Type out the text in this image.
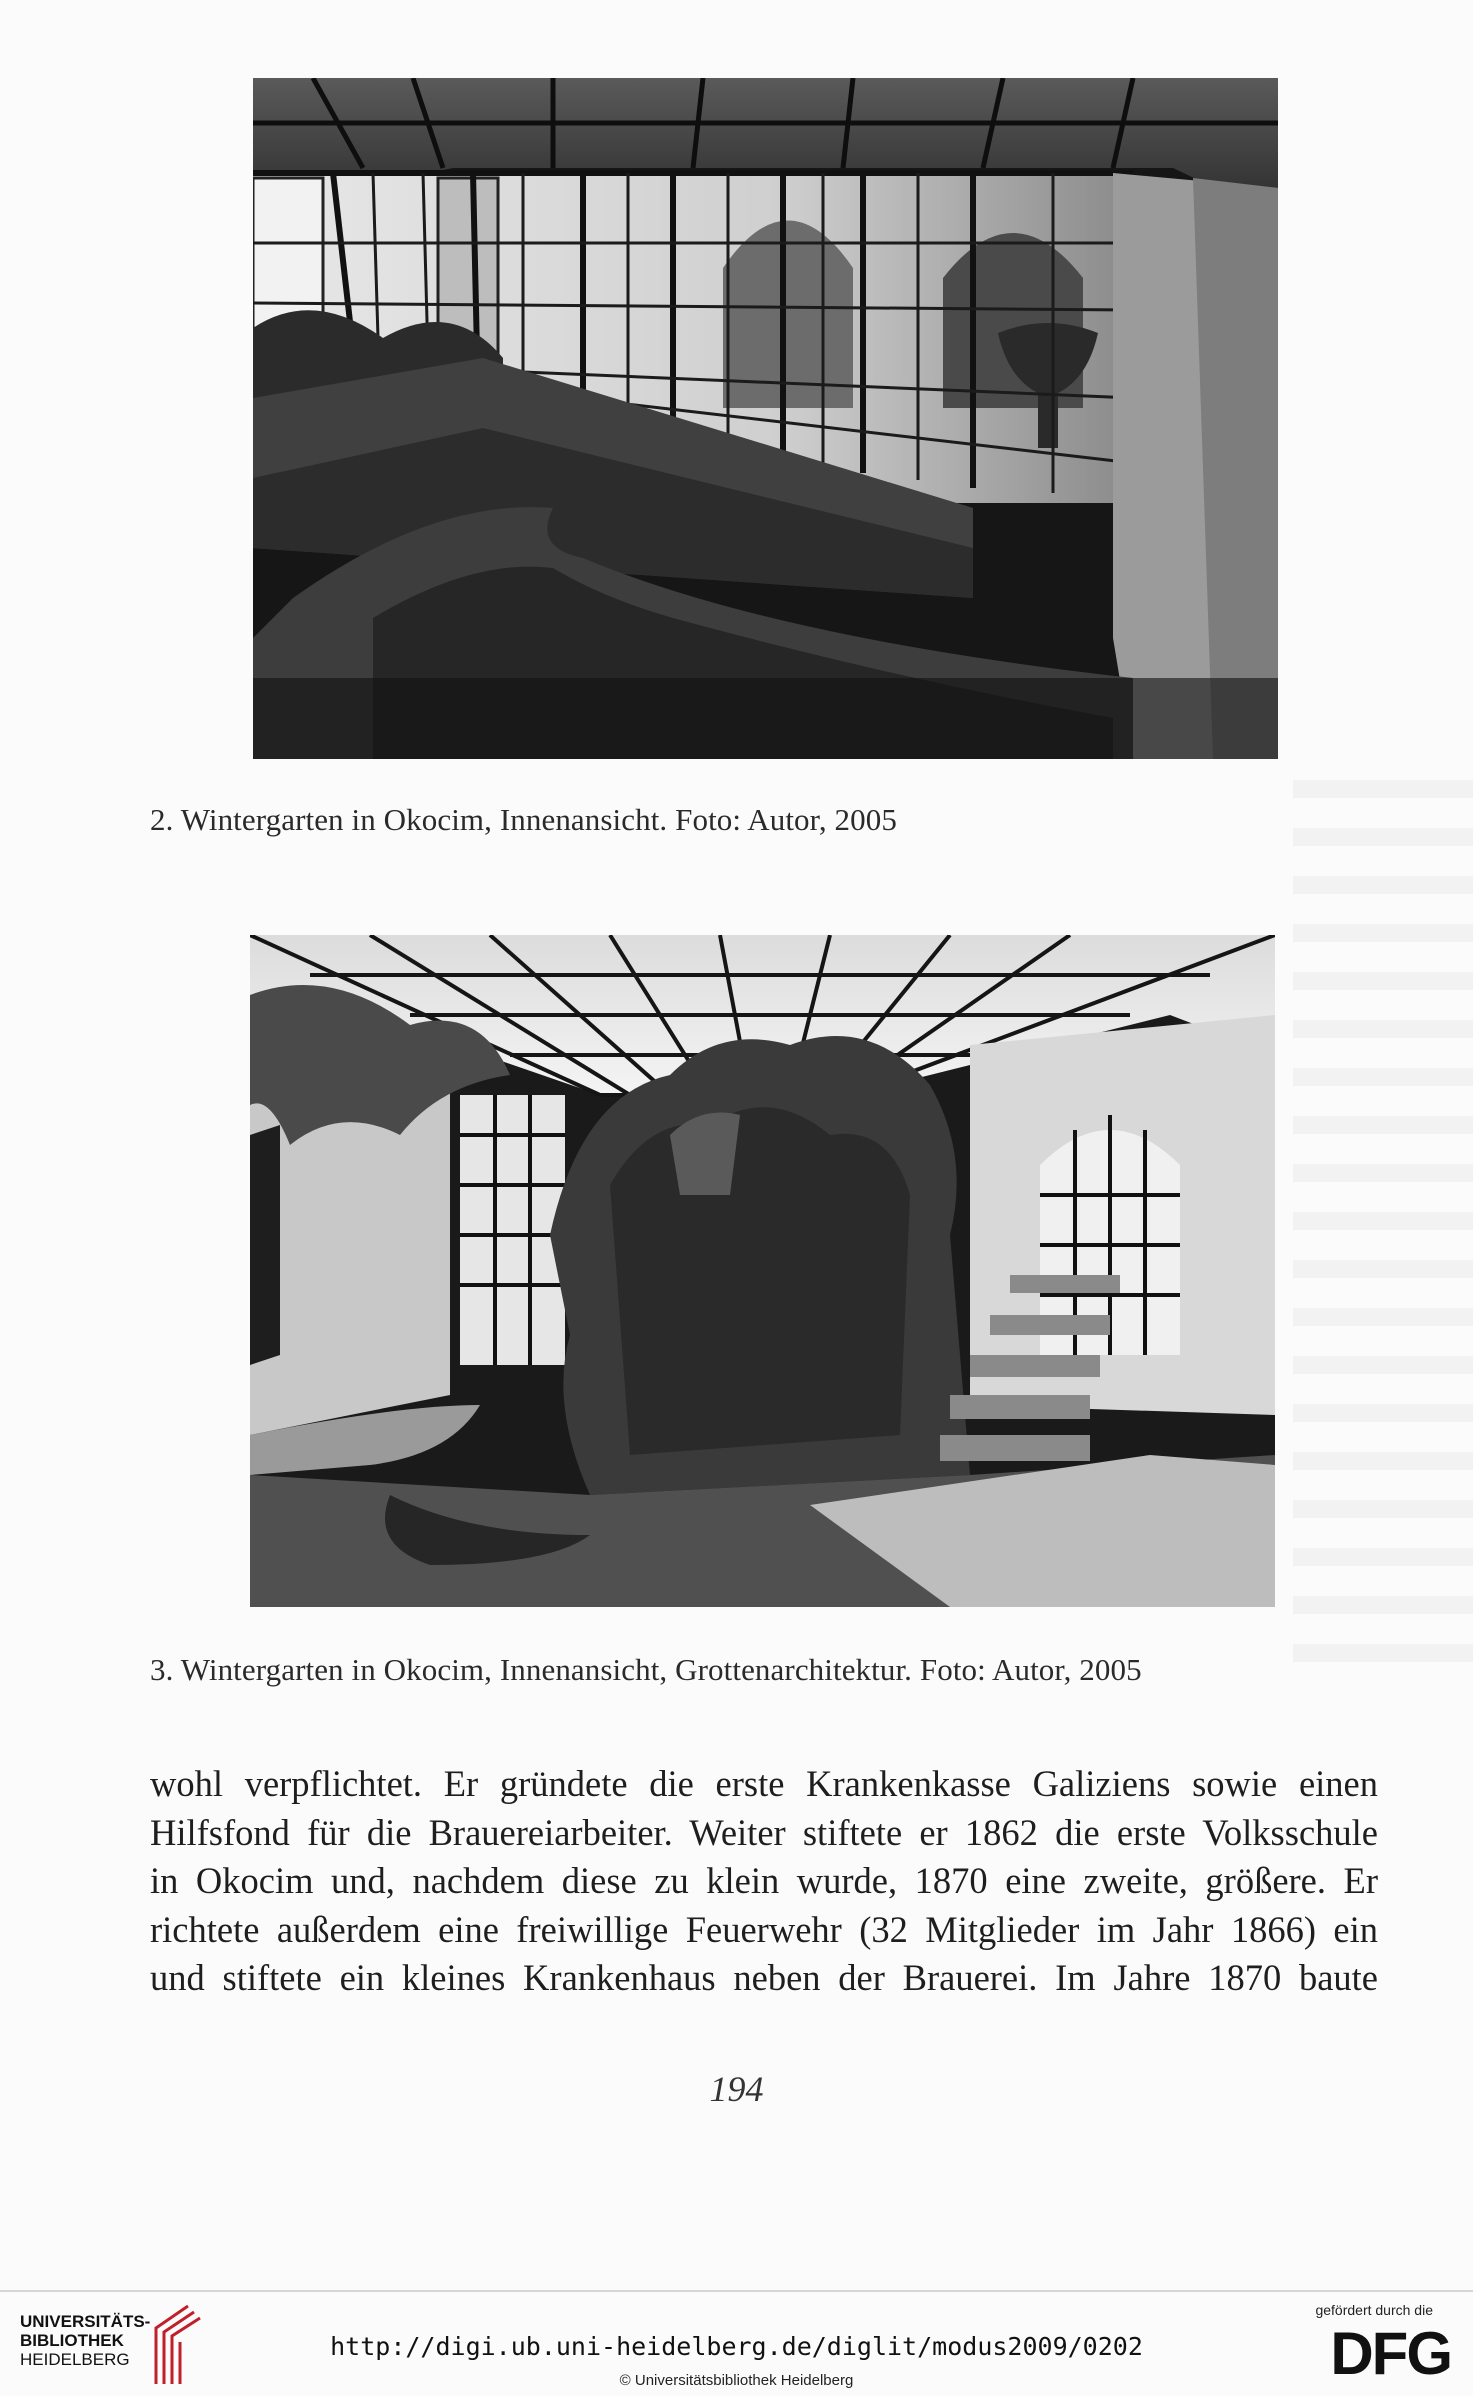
2. Wintergarten in Okocim, Innenansicht. Foto: Autor, 2005
3. Wintergarten in Okocim, Innenansicht, Grottenarchitektur. Foto: Autor, 2005
wohl verpflichtet. Er gründete die erste Krankenkasse Galiziens sowie einen
Hilfsfond für die Brauereiarbeiter. Weiter stiftete er 1862 die erste Volksschule
in Okocim und, nachdem diese zu klein wurde, 1870 eine zweite, größere. Er
richtete außerdem eine freiwillige Feuerwehr (32 Mitglieder im Jahr 1866) ein
und stiftete ein kleines Krankenhaus neben der Brauerei. Im Jahre 1870 baute
194
UNIVERSITÄTS-
BIBLIOTHEK
HEIDELBERG	http://digi.ub.uni-heidelberg.de/diglit/modus2009/0202
© Universitätsbibliothek Heidelberg
gefördert durch die
DFG
